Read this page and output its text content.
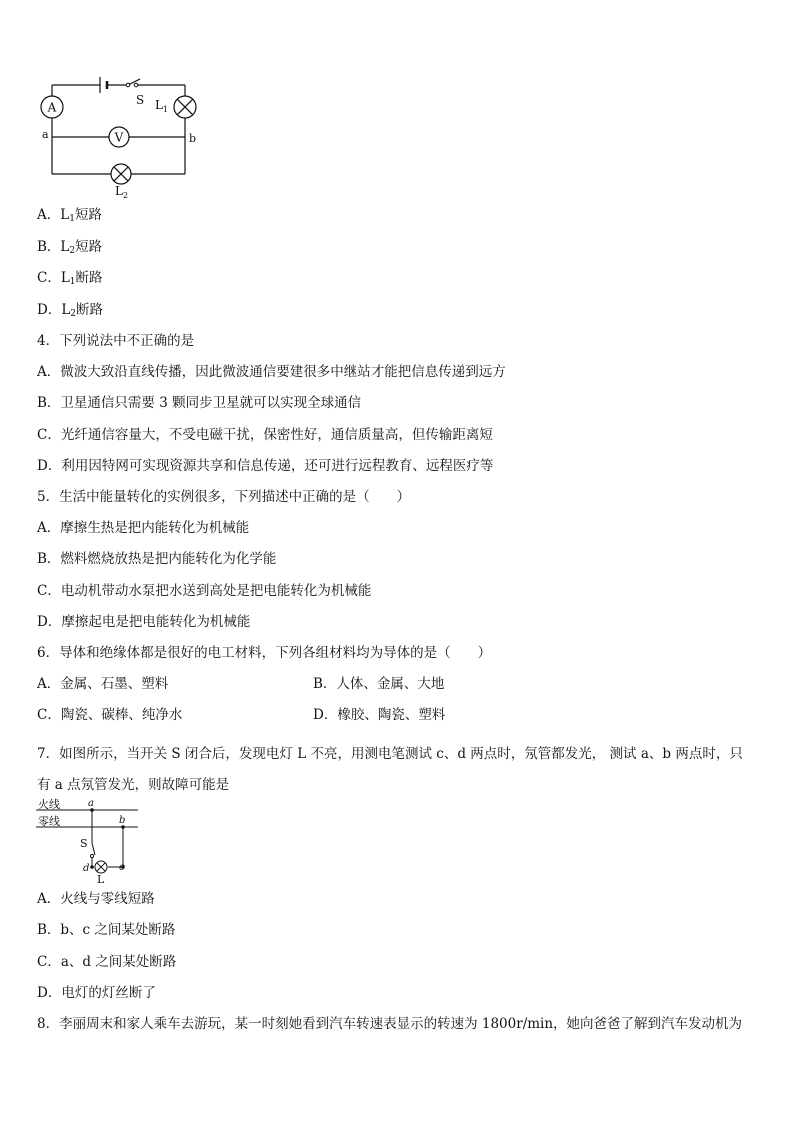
A
V
S $L_1$
$L_2$
a	b
A．$L_1$短路
B．$L_2$短路
C．$L_1$断路
D．$L_2$断路
4．下列说法中不正确的是
A．微波大致沿直线传播，因此微波通信要建很多中继站才能把信息传递到远方
B．卫星通信只需要 3 颗同步卫星就可以实现全球通信
C．光纤通信容量大，不受电磁干扰，保密性好，通信质量高，但传输距离短
D．利用因特网可实现资源共享和信息传递，还可进行远程教育、远程医疗等
5．生活中能量转化的实例很多，下列描述中正确的是（　　）
A．摩擦生热是把内能转化为机械能
B．燃料燃烧放热是把内能转化为化学能
C．电动机带动水泵把水送到高处是把电能转化为机械能
D．摩擦起电是把电能转化为机械能
6．导体和绝缘体都是很好的电工材料，下列各组材料均为导体的是（　　）
A．金属、石墨、塑料	B．人体、金属、大地
C．陶瓷、碳棒、纯净水	D．橡胶、陶瓷、塑料
7．如图所示，当开关 S 闭合后，发现电灯 L 不亮，用测电笔测试 c、d 两点时，氖管都发光， 测试 a、b 两点时，只
有 a 点氖管发光，则故障可能是
火线
零线
a
b
c
d
S
L
A．火线与零线短路
B．b、c 之间某处断路
C．a、d 之间某处断路
D．电灯的灯丝断了
8．李丽周末和家人乘车去游玩，某一时刻她看到汽车转速表显示的转速为 1800r/min，她向爸爸了解到汽车发动机为
